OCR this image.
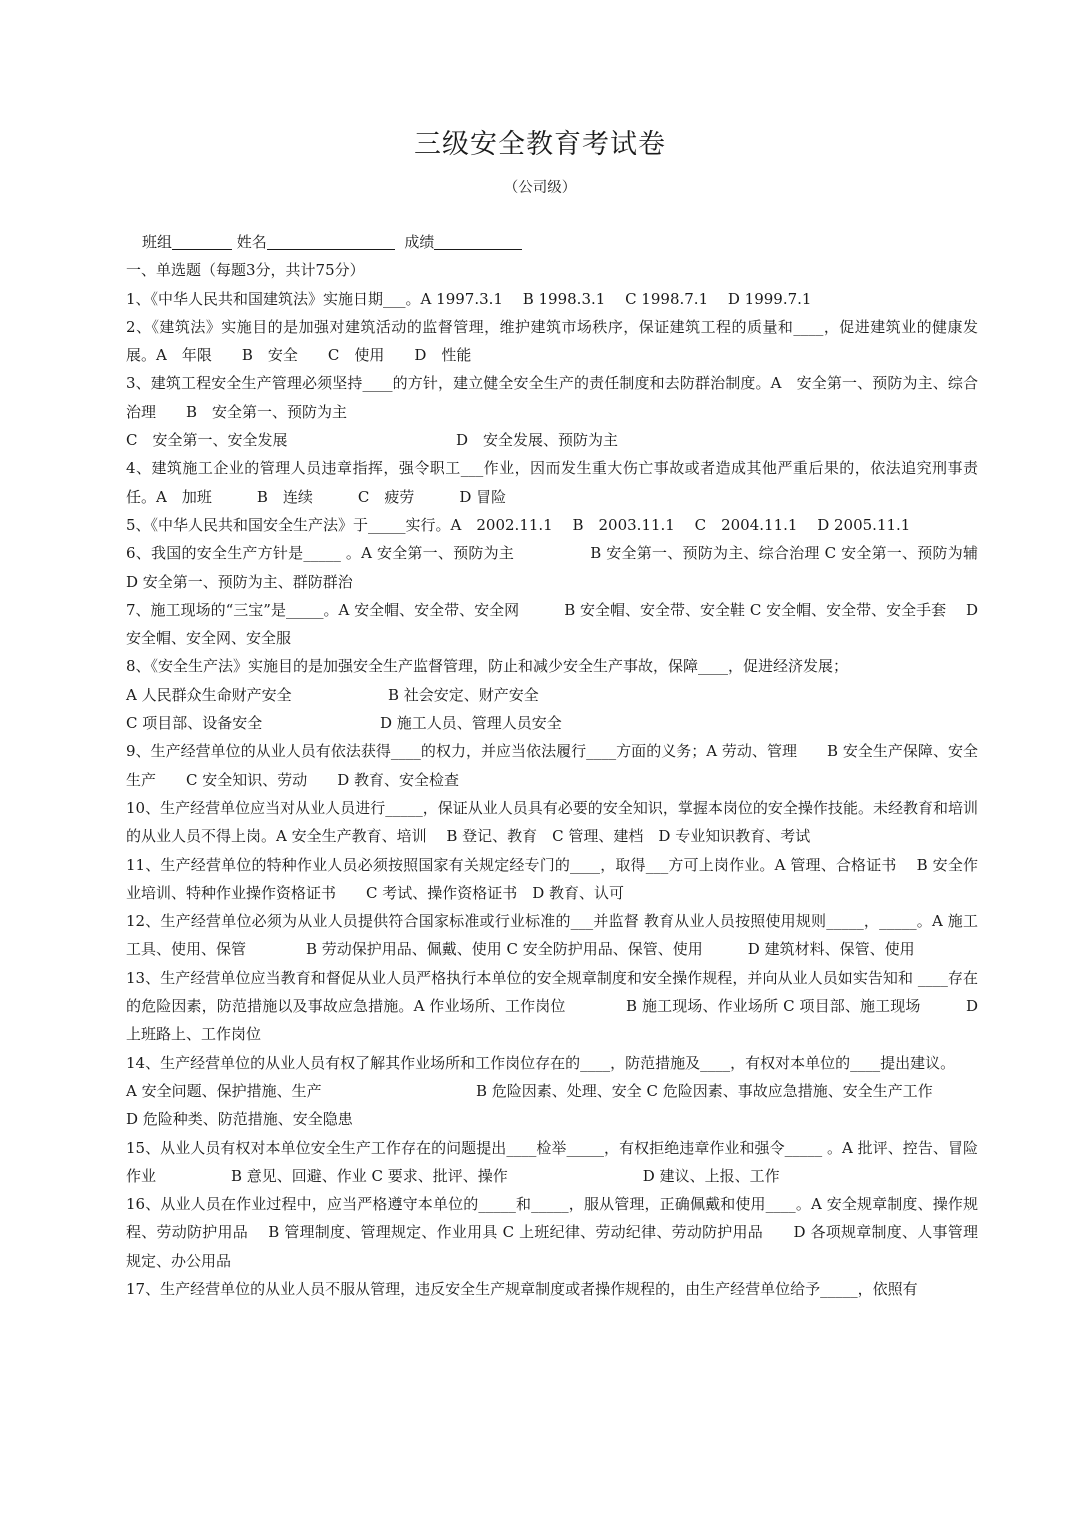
三级安全教育考试卷
（公司级）
班组	姓名	成绩
一、单选题（每题3分，共计75分）

1、《中华人民共和国建筑法》实施日期___。A 1997.3.1　 B 1998.3.1　 C 1998.7.1　 D 1999.7.1

2、《建筑法》实施目的是加强对建筑活动的监督管理，维护建筑市场秩序，保证建筑工程的质量和____，促进建筑业的健康发展。A　年限　　B　安全　　C　使用　　D　性能

3、建筑工程安全生产管理必须坚持____的方针，建立健全安全生产的责任制度和去防群治制度。A　安全第一、预防为主、综合治理　　B　安全第一、预防为主

C　安全第一、安全发展	D　安全发展、预防为主

4、建筑施工企业的管理人员违章指挥，强令职工___作业，因而发生重大伤亡事故或者造成其他严重后果的，依法追究刑事责任。A　加班　　　B　连续　　　C　疲劳　　　D 冒险

5、《中华人民共和国安全生产法》于_____实行。A　2002.11.1　 B　2003.11.1　 C　2004.11.1　 D 2005.11.1

6、我国的安全生产方针是_____ 。A 安全第一、预防为主　　　　　B 安全第一、预防为主、综合治理 C 安全第一、预防为辅　　　D 安全第一、预防为主、群防群治

7、施工现场的“三宝”是_____。A 安全帽、安全带、安全网　　　B 安全帽、安全带、安全鞋 C 安全帽、安全带、安全手套　 D 安全帽、安全网、安全服

8、《安全生产法》实施目的是加强安全生产监督管理，防止和减少安全生产事故，保障____，促进经济发展；

A 人民群众生命财产安全	B 社会安定、财产安全

C 项目部、设备安全	D 施工人员、管理人员安全

9、生产经营单位的从业人员有依法获得____的权力，并应当依法履行____方面的义务；A 劳动、管理　　B 安全生产保障、安全生产　　C 安全知识、劳动　　D 教育、安全检查

10、生产经营单位应当对从业人员进行_____，保证从业人员具有必要的安全知识，掌握本岗位的安全操作技能。未经教育和培训的从业人员不得上岗。A 安全生产教育、培训　 B 登记、教育　C 管理、建档　D 专业知识教育、考试

11、生产经营单位的特种作业人员必须按照国家有关规定经专门的____，取得___方可上岗作业。A 管理、合格证书　 B 安全作业培训、特种作业操作资格证书　　C 考试、操作资格证书　D 教育、认可

12、生产经营单位必须为从业人员提供符合国家标准或行业标准的___并监督 教育从业人员按照使用规则_____，_____。A 施工工具、使用、保管　　　　B 劳动保护用品、佩戴、使用 C 安全防护用品、保管、使用　　　D 建筑材料、保管、使用

13、生产经营单位应当教育和督促从业人员严格执行本单位的安全规章制度和安全操作规程，并向从业人员如实告知和 ____存在的危险因素，防范措施以及事故应急措施。A 作业场所、工作岗位　　　　B 施工现场、作业场所 C 项目部、施工现场　　　D 上班路上、工作岗位

14、生产经营单位的从业人员有权了解其作业场所和工作岗位存在的____，防范措施及____，有权对本单位的____提出建议。

A 安全问题、保护措施、生产	B 危险因素、处理、安全 C 危险因素、事故应急措施、安全生产工作

D 危险种类、防范措施、安全隐患

15、从业人员有权对本单位安全生产工作存在的问题提出____检举_____，有权拒绝违章作业和强令_____ 。A 批评、控告、冒险作业　　　　　B 意见、回避、作业 C 要求、批评、操作　　　　　　　　　D 建议、上报、工作

16、从业人员在作业过程中，应当严格遵守本单位的_____和_____，服从管理，正确佩戴和使用____。A 安全规章制度、操作规程、劳动防护用品　 B 管理制度、管理规定、作业用具 C 上班纪律、劳动纪律、劳动防护用品　　D 各项规章制度、人事管理规定、办公用品

17、生产经营单位的从业人员不服从管理，违反安全生产规章制度或者操作规程的，由生产经营单位给予_____，依照有
